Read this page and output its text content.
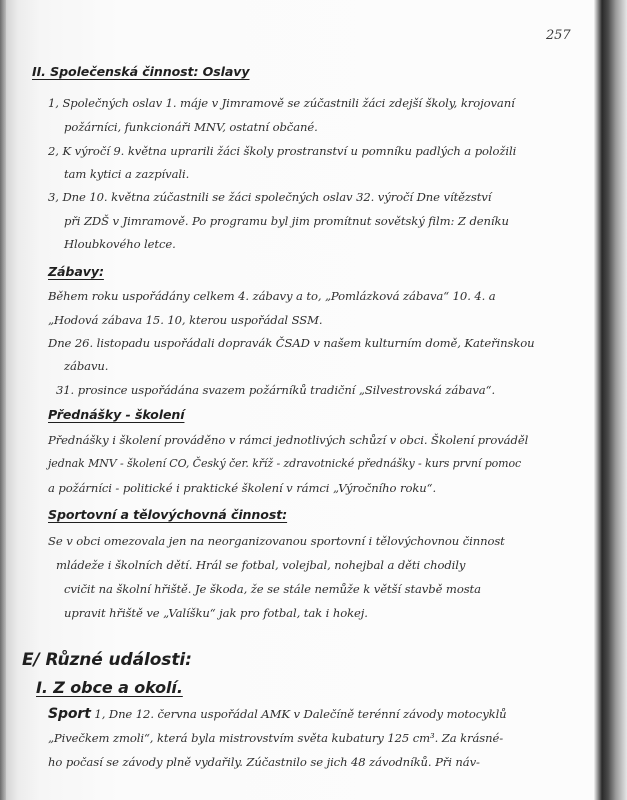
257
II. Společenská činnost: Oslavy
1, Společných oslav 1. máje v Jimramově se zúčastnili žáci zdejší školy, krojovaní
požárníci, funkcionáři MNV, ostatní občané.
2, K výročí 9. května uprarili žáci školy prostranství u pomníku padlých a položili
tam kytici a zazpívali.
3, Dne 10. května zúčastnili se žáci společných oslav 32. výročí Dne vítězství
při ZDŠ v Jimramově. Po programu byl jim promítnut sovětský film: Z deníku
Hloubkového letce.
Zábavy:
Během roku uspořádány celkem 4. zábavy a to, „Pomlázková zábava“ 10. 4. a
„Hodová zábava 15. 10, kterou uspořádal SSM.
Dne 26. listopadu uspořádali dopravák ČSAD v našem kulturním domě, Kateřinskou
zábavu.
31. prosince uspořádána svazem požárníků tradiční „Silvestrovská zábava“.
Přednášky - školení
Přednášky i školení prováděno v rámci jednotlivých schůzí v obci. Školení prováděl
jednak MNV - školení CO, Český čer. kříž - zdravotnické přednášky - kurs první pomoc
a požárníci - politické i praktické školení v rámci „Výročního roku“.
Sportovní a tělovýchovná činnost:
Se v obci omezovala jen na neorganizovanou sportovní i tělovýchovnou činnost
mládeže i školních dětí. Hrál se fotbal, volejbal, nohejbal a děti chodily
cvičit na školní hřiště. Je škoda, že se stále nemůže k větší stavbě mosta
upravit hřiště ve „Valíšku“ jak pro fotbal, tak i hokej.
E/ Různé události:
I. Z obce a okolí.
Sport 1, Dne 12. června uspořádal AMK v Dalečíně terénní závody motocyklů
„Pivečkem zmoli“, která byla mistrovstvím světa kubatury 125 cm³. Za krásné-
ho počasí se závody plně vydařily. Zúčastnilo se jich 48 závodníků. Při náv-
